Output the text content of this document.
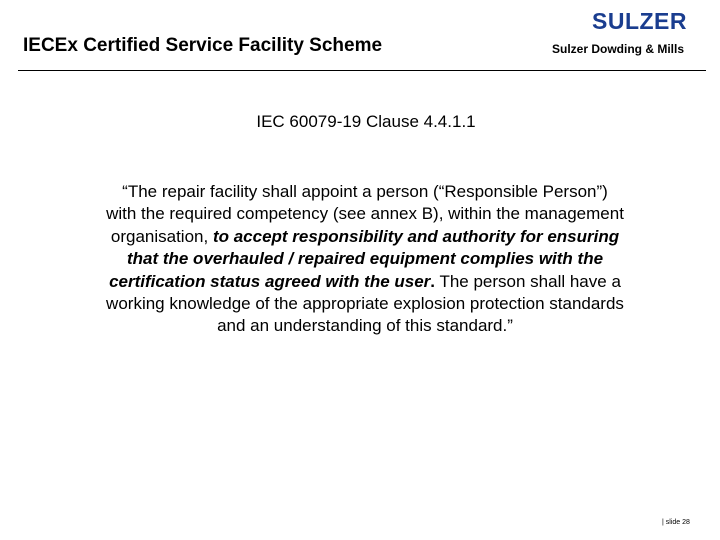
IECEx Certified Service Facility Scheme
SULZER
Sulzer Dowding & Mills
IEC 60079-19 Clause 4.4.1.1

“The repair facility shall appoint a person (“Responsible Person”)
with the required competency (see annex B), within the management
organisation, to accept responsibility and authority for ensuring
that the overhauled / repaired equipment complies with the
certification status agreed with the user. The person shall have a
working knowledge of the appropriate explosion protection standards
and an understanding of this standard.”

| slide 28
